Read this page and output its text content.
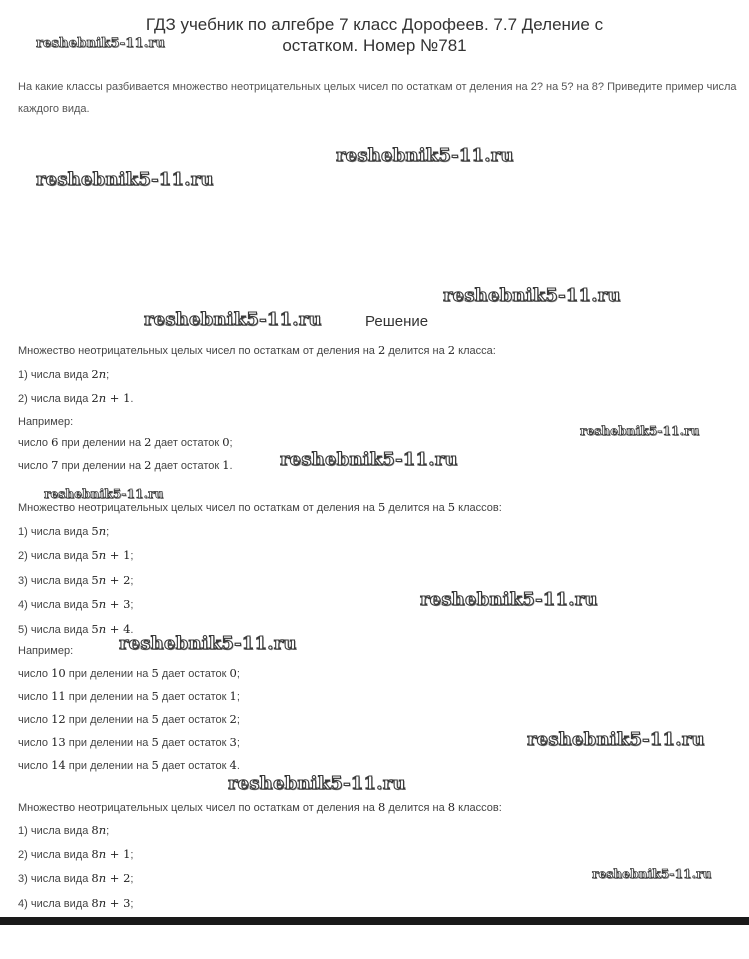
ГДЗ учебник по алгебре 7 класс Дорофеев. 7.7 Деление с
остатком. Номер №781

На какие классы разбивается множество неотрицательных целых чисел по остаткам от деления на 2? на 5? на 8? Приведите пример числа каждого вида.

Решение

Множество неотрицательных целых чисел по остаткам от деления на 2 делится на 2 класса:

1) числа вида 2n;

2) числа вида 2n + 1.

Например:

число 6 при делении на 2 дает остаток 0;

число 7 при делении на 2 дает остаток 1.

Множество неотрицательных целых чисел по остаткам от деления на 5 делится на 5 классов:

1) числа вида 5n;

2) числа вида 5n + 1;

3) числа вида 5n + 2;

4) числа вида 5n + 3;

5) числа вида 5n + 4.

Например:

число 10 при делении на 5 дает остаток 0;

число 11 при делении на 5 дает остаток 1;

число 12 при делении на 5 дает остаток 2;

число 13 при делении на 5 дает остаток 3;

число 14 при делении на 5 дает остаток 4.

Множество неотрицательных целых чисел по остаткам от деления на 8 делится на 8 классов:

1) числа вида 8n;

2) числа вида 8n + 1;

3) числа вида 8n + 2;

4) числа вида 8n + 3;

reshebnik5-11.ru
reshebnik5-11.ru
reshebnik5-11.ru
reshebnik5-11.ru
reshebnik5-11.ru
reshebnik5-11.ru
reshebnik5-11.ru
reshebnik5-11.ru
reshebnik5-11.ru
reshebnik5-11.ru
reshebnik5-11.ru
reshebnik5-11.ru
reshebnik5-11.ru
